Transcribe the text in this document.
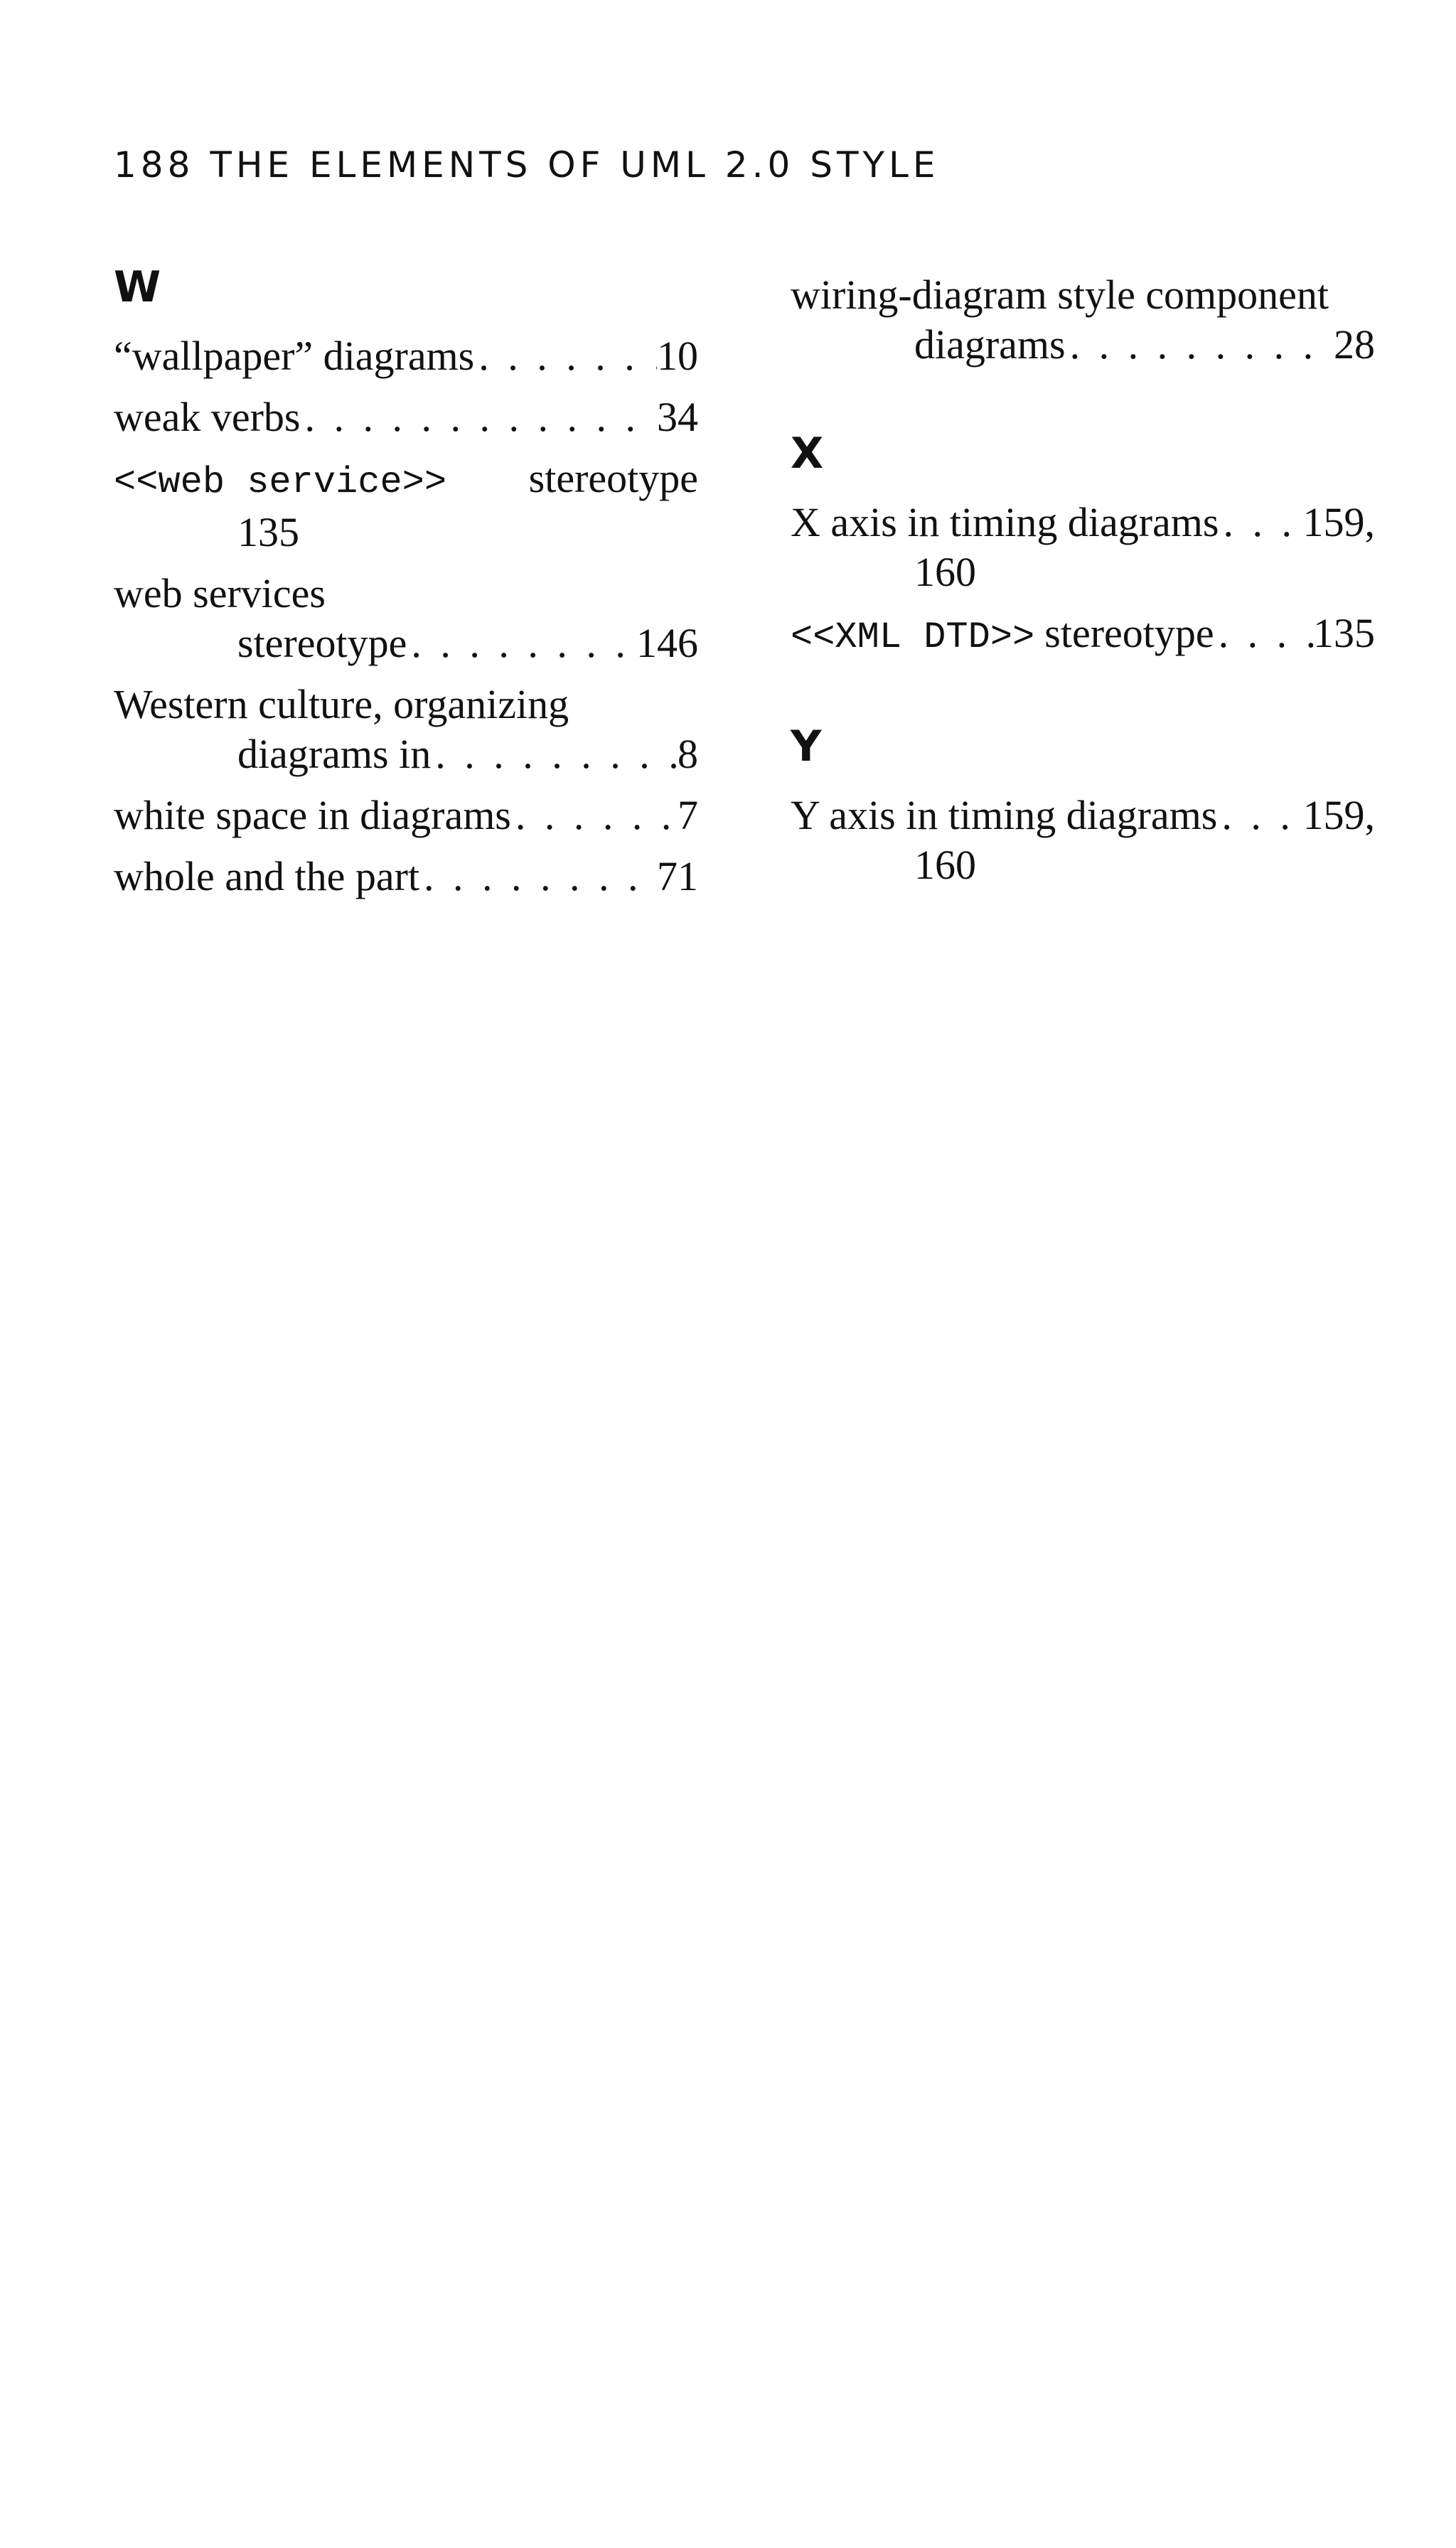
188 THE ELEMENTS OF UML 2.0 STYLE
W
“wallpaper” diagrams . . .	10
weak verbs . . .	34
<<web service>> stereotype
135
web services
stereotype . . .	146
Western culture, organizing
diagrams in . . .	8
white space in diagrams . . .	7
whole and the part . . .	71
wiring-diagram style component
diagrams . . .	28
X
X axis in timing diagrams . . . 159,
160
<<XML DTD>> stereotype . . . 135
Y
Y axis in timing diagrams . . . 159,
160
